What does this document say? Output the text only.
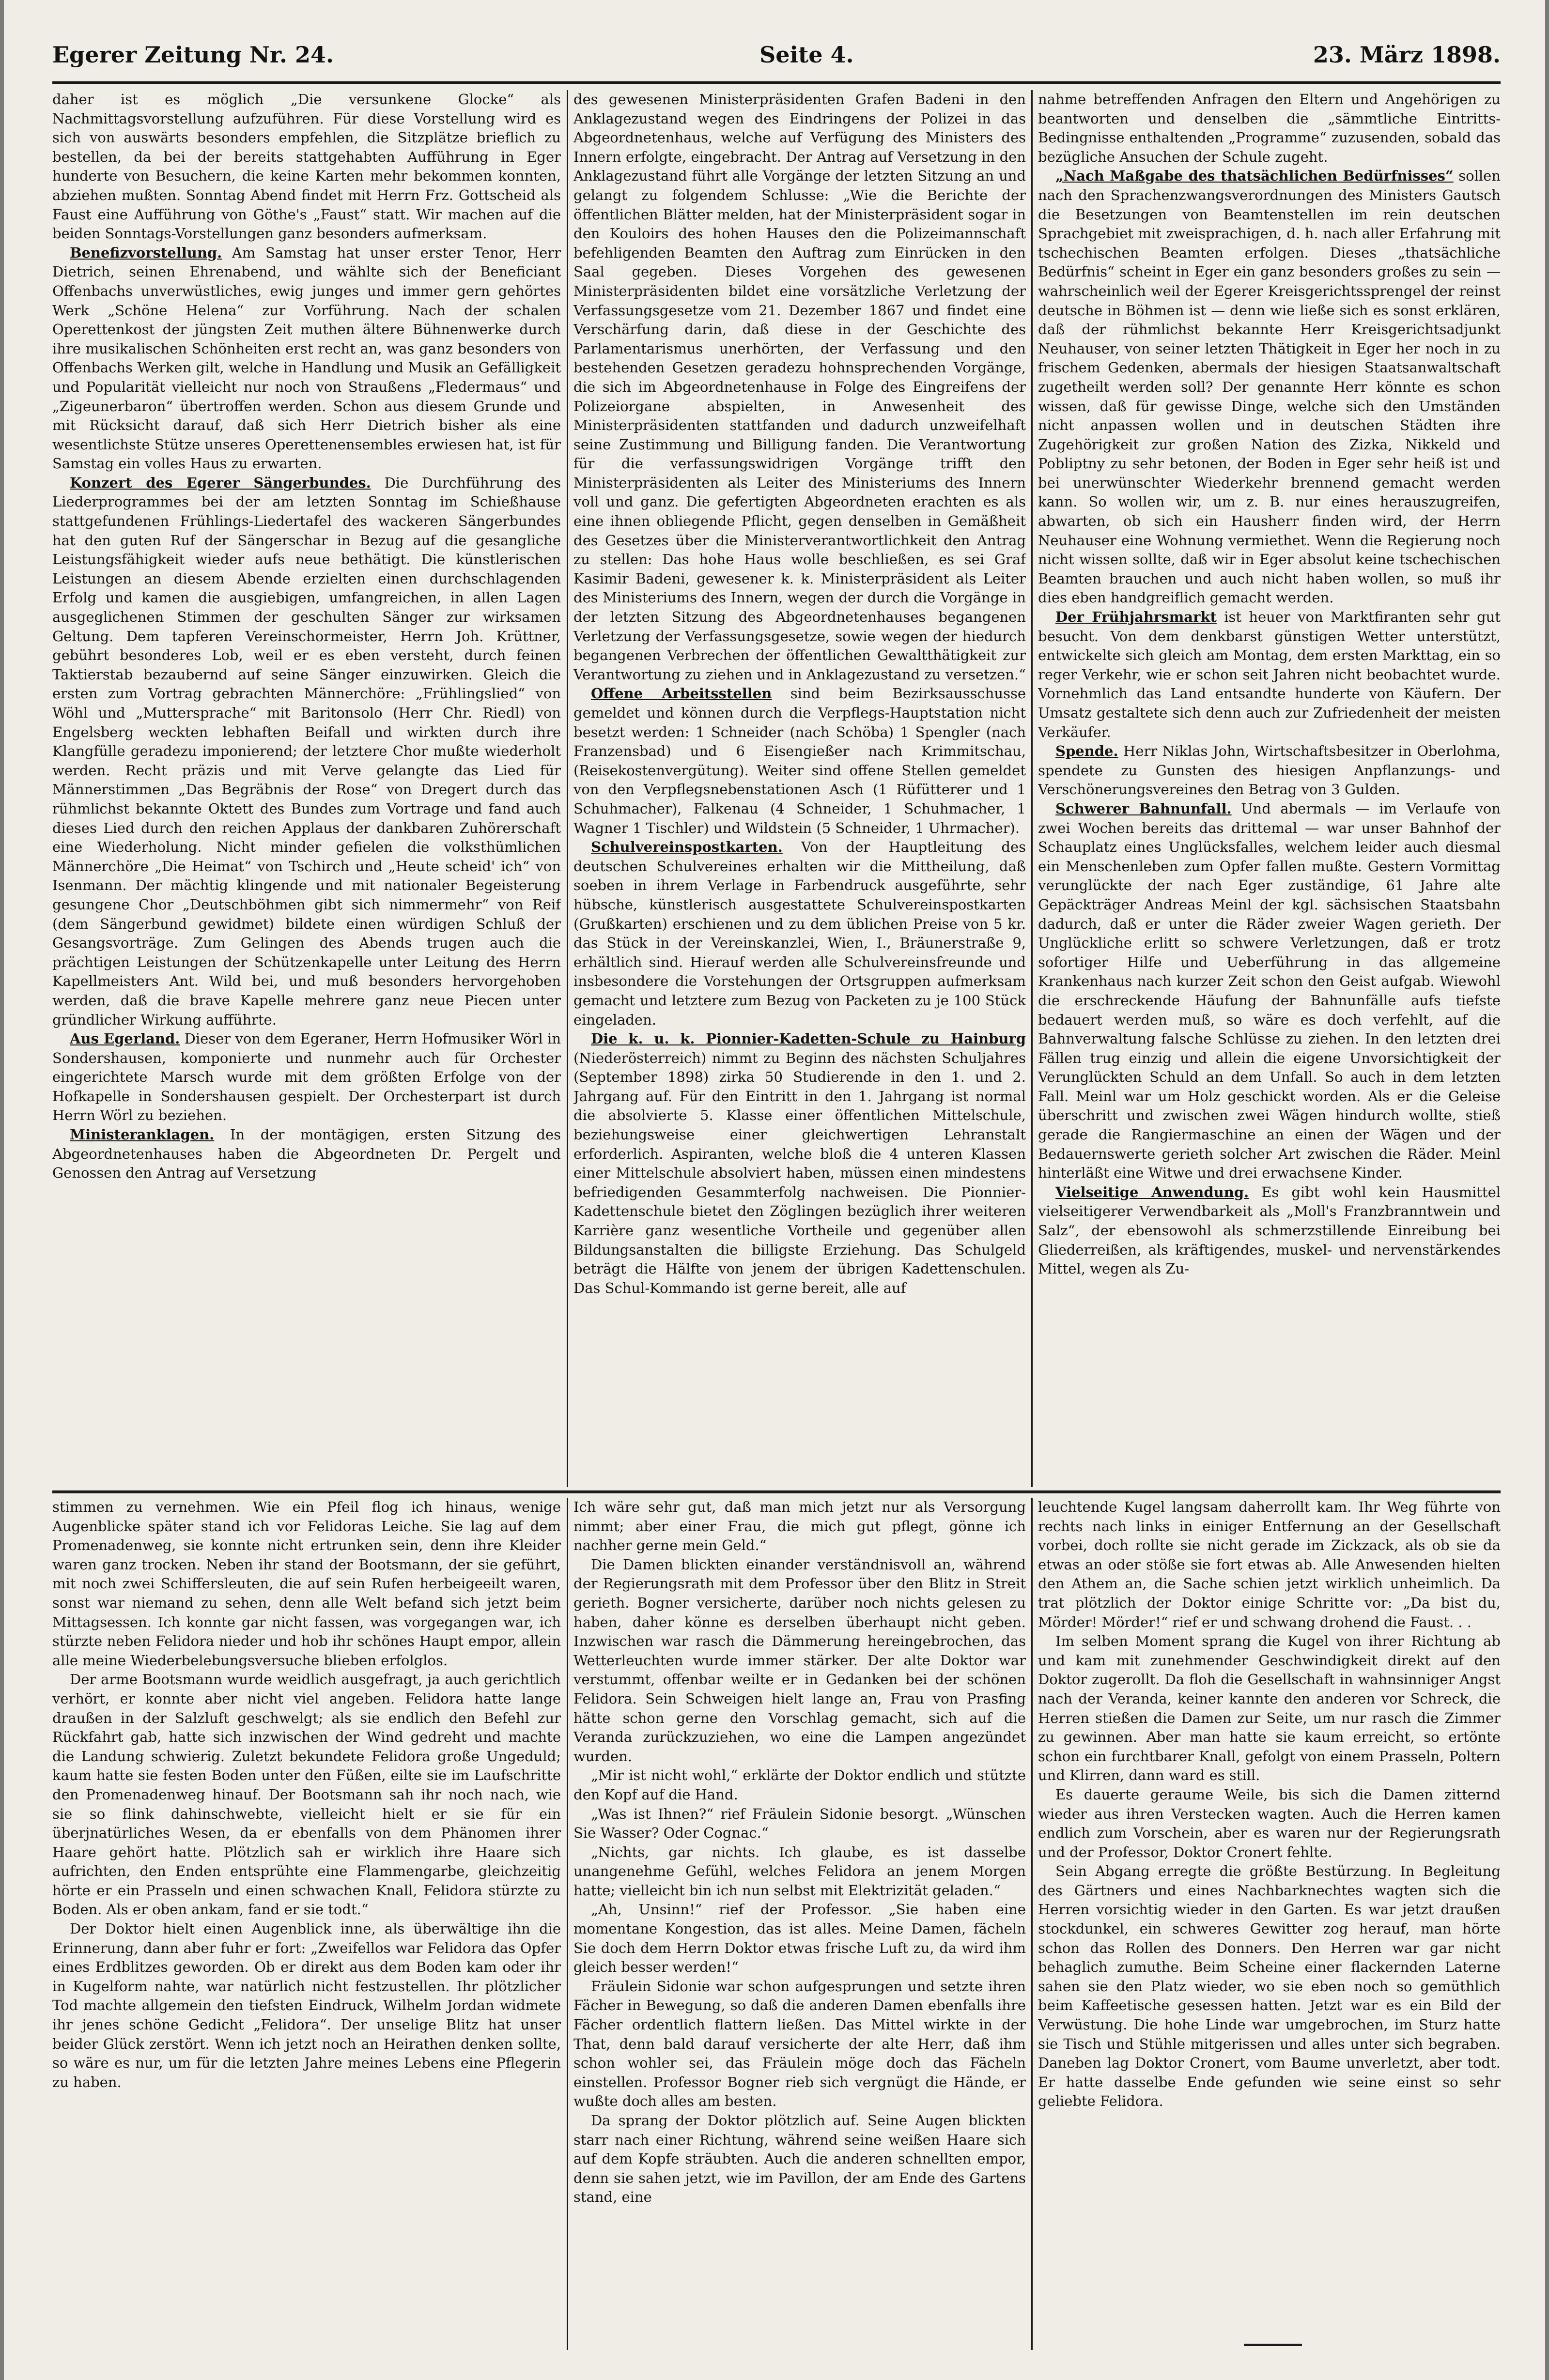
Egerer Zeitung Nr. 24.	Seite 4.	23. März 1898.

daher ist es möglich „Die versunkene Glocke“ als Nachmittagsvorstellung aufzuführen. Für diese Vorstellung wird es sich von auswärts besonders empfehlen, die Sitzplätze brieflich zu bestellen, da bei der bereits stattgehabten Aufführung in Eger hunderte von Besuchern, die keine Karten mehr bekommen konnten, abziehen mußten. Sonntag Abend findet mit Herrn Frz. Gottscheid als Faust eine Aufführung von Göthe's „Faust“ statt. Wir machen auf die beiden Sonntags-Vorstellungen ganz besonders aufmerksam.

Benefizvorstellung. Am Samstag hat unser erster Tenor, Herr Dietrich, seinen Ehrenabend, und wählte sich der Beneficiant Offenbachs unverwüstliches, ewig junges und immer gern gehörtes Werk „Schöne Helena“ zur Vorführung. Nach der schalen Operettenkost der jüngsten Zeit muthen ältere Bühnenwerke durch ihre musikalischen Schönheiten erst recht an, was ganz besonders von Offenbachs Werken gilt, welche in Handlung und Musik an Gefälligkeit und Popularität vielleicht nur noch von Straußens „Fledermaus“ und „Zigeunerbaron“ übertroffen werden. Schon aus diesem Grunde und mit Rücksicht darauf, daß sich Herr Dietrich bisher als eine wesentlichste Stütze unseres Operettenensembles erwiesen hat, ist für Samstag ein volles Haus zu erwarten.

Konzert des Egerer Sängerbundes. Die Durchführung des Liederprogrammes bei der am letzten Sonntag im Schießhause stattgefundenen Frühlings-Liedertafel des wackeren Sängerbundes hat den guten Ruf der Sängerschar in Bezug auf die gesangliche Leistungsfähigkeit wieder aufs neue bethätigt. Die künstlerischen Leistungen an diesem Abende erzielten einen durchschlagenden Erfolg und kamen die ausgiebigen, umfangreichen, in allen Lagen ausgeglichenen Stimmen der geschulten Sänger zur wirksamen Geltung. Dem tapferen Vereinschormeister, Herrn Joh. Krüttner, gebührt besonderes Lob, weil er es eben versteht, durch feinen Taktierstab bezaubernd auf seine Sänger einzuwirken. Gleich die ersten zum Vortrag gebrachten Männerchöre: „Frühlingslied“ von Wöhl und „Muttersprache“ mit Baritonsolo (Herr Chr. Riedl) von Engelsberg weckten lebhaften Beifall und wirkten durch ihre Klangfülle geradezu imponierend; der letztere Chor mußte wiederholt werden. Recht präzis und mit Verve gelangte das Lied für Männerstimmen „Das Begräbnis der Rose“ von Dregert durch das rühmlichst bekannte Oktett des Bundes zum Vortrage und fand auch dieses Lied durch den reichen Applaus der dankbaren Zuhörerschaft eine Wiederholung. Nicht minder gefielen die volksthümlichen Männerchöre „Die Heimat“ von Tschirch und „Heute scheid' ich“ von Isenmann. Der mächtig klingende und mit nationaler Begeisterung gesungene Chor „Deutschböhmen gibt sich nimmermehr“ von Reif (dem Sängerbund gewidmet) bildete einen würdigen Schluß der Gesangsvorträge. Zum Gelingen des Abends trugen auch die prächtigen Leistungen der Schützenkapelle unter Leitung des Herrn Kapellmeisters Ant. Wild bei, und muß besonders hervorgehoben werden, daß die brave Kapelle mehrere ganz neue Piecen unter gründlicher Wirkung aufführte.

Aus Egerland. Dieser von dem Egeraner, Herrn Hofmusiker Wörl in Sondershausen, komponierte und nunmehr auch für Orchester eingerichtete Marsch wurde mit dem größten Erfolge von der Hofkapelle in Sondershausen gespielt. Der Orchesterpart ist durch Herrn Wörl zu beziehen.

Ministeranklagen. In der montägigen, ersten Sitzung des Abgeordnetenhauses haben die Abgeordneten Dr. Pergelt und Genossen den Antrag auf Versetzung

des gewesenen Ministerpräsidenten Grafen Badeni in den Anklagezustand wegen des Eindringens der Polizei in das Abgeordnetenhaus, welche auf Verfügung des Ministers des Innern erfolgte, eingebracht. Der Antrag auf Versetzung in den Anklagezustand führt alle Vorgänge der letzten Sitzung an und gelangt zu folgendem Schlusse: „Wie die Berichte der öffentlichen Blätter melden, hat der Ministerpräsident sogar in den Kouloirs des hohen Hauses den die Polizeimannschaft befehligenden Beamten den Auftrag zum Einrücken in den Saal gegeben. Dieses Vorgehen des gewesenen Ministerpräsidenten bildet eine vorsätzliche Verletzung der Verfassungsgesetze vom 21. Dezember 1867 und findet eine Verschärfung darin, daß diese in der Geschichte des Parlamentarismus unerhörten, der Verfassung und den bestehenden Gesetzen geradezu hohnsprechenden Vorgänge, die sich im Abgeordnetenhause in Folge des Eingreifens der Polizeiorgane abspielten, in Anwesenheit des Ministerpräsidenten stattfanden und dadurch unzweifelhaft seine Zustimmung und Billigung fanden. Die Verantwortung für die verfassungswidrigen Vorgänge trifft den Ministerpräsidenten als Leiter des Ministeriums des Innern voll und ganz. Die gefertigten Abgeordneten erachten es als eine ihnen obliegende Pflicht, gegen denselben in Gemäßheit des Gesetzes über die Ministerverantwortlichkeit den Antrag zu stellen: Das hohe Haus wolle beschließen, es sei Graf Kasimir Badeni, gewesener k. k. Ministerpräsident als Leiter des Ministeriums des Innern, wegen der durch die Vorgänge in der letzten Sitzung des Abgeordnetenhauses begangenen Verletzung der Verfassungsgesetze, sowie wegen der hiedurch begangenen Verbrechen der öffentlichen Gewaltthätigkeit zur Verantwortung zu ziehen und in Anklagezustand zu versetzen.“

Offene Arbeitsstellen sind beim Bezirksausschusse gemeldet und können durch die Verpflegs-Hauptstation nicht besetzt werden: 1 Schneider (nach Schöba) 1 Spengler (nach Franzensbad) und 6 Eisengießer nach Krimmitschau, (Reisekostenvergütung). Weiter sind offene Stellen gemeldet von den Verpflegsnebenstationen Asch (1 Rüfütterer und 1 Schuhmacher), Falkenau (4 Schneider, 1 Schuhmacher, 1 Wagner 1 Tischler) und Wildstein (5 Schneider, 1 Uhrmacher).

Schulvereinspostkarten. Von der Hauptleitung des deutschen Schulvereines erhalten wir die Mittheilung, daß soeben in ihrem Verlage in Farbendruck ausgeführte, sehr hübsche, künstlerisch ausgestattete Schulvereinspostkarten (Grußkarten) erschienen und zu dem üblichen Preise von 5 kr. das Stück in der Vereinskanzlei, Wien, I., Bräunerstraße 9, erhältlich sind. Hierauf werden alle Schulvereinsfreunde und insbesondere die Vorstehungen der Ortsgruppen aufmerksam gemacht und letztere zum Bezug von Packeten zu je 100 Stück eingeladen.

Die k. u. k. Pionnier-Kadetten-Schule zu Hainburg (Niederösterreich) nimmt zu Beginn des nächsten Schuljahres (September 1898) zirka 50 Studierende in den 1. und 2. Jahrgang auf. Für den Eintritt in den 1. Jahrgang ist normal die absolvierte 5. Klasse einer öffentlichen Mittelschule, beziehungsweise einer gleichwertigen Lehranstalt erforderlich. Aspiranten, welche bloß die 4 unteren Klassen einer Mittelschule absolviert haben, müssen einen mindestens befriedigenden Gesammterfolg nachweisen. Die Pionnier-Kadettenschule bietet den Zöglingen bezüglich ihrer weiteren Karrière ganz wesentliche Vortheile und gegenüber allen Bildungsanstalten die billigste Erziehung. Das Schulgeld beträgt die Hälfte von jenem der übrigen Kadettenschulen. Das Schul-Kommando ist gerne bereit, alle auf

nahme betreffenden Anfragen den Eltern und Angehörigen zu beantworten und denselben die „sämmtliche Eintritts-Bedingnisse enthaltenden „Programme“ zuzusenden, sobald das bezügliche Ansuchen der Schule zugeht.

„Nach Maßgabe des thatsächlichen Bedürfnisses“ sollen nach den Sprachenzwangsverordnungen des Ministers Gautsch die Besetzungen von Beamtenstellen im rein deutschen Sprachgebiet mit zweisprachigen, d. h. nach aller Erfahrung mit tschechischen Beamten erfolgen. Dieses „thatsächliche Bedürfnis“ scheint in Eger ein ganz besonders großes zu sein — wahrscheinlich weil der Egerer Kreisgerichtssprengel der reinst deutsche in Böhmen ist — denn wie ließe sich es sonst erklären, daß der rühmlichst bekannte Herr Kreisgerichtsadjunkt Neuhauser, von seiner letzten Thätigkeit in Eger her noch in zu frischem Gedenken, abermals der hiesigen Staatsanwaltschaft zugetheilt werden soll? Der genannte Herr könnte es schon wissen, daß für gewisse Dinge, welche sich den Umständen nicht anpassen wollen und in deutschen Städten ihre Zugehörigkeit zur großen Nation des Zizka, Nikkeld und Pobliptny zu sehr betonen, der Boden in Eger sehr heiß ist und bei unerwünschter Wiederkehr brennend gemacht werden kann. So wollen wir, um z. B. nur eines herauszugreifen, abwarten, ob sich ein Hausherr finden wird, der Herrn Neuhauser eine Wohnung vermiethet. Wenn die Regierung noch nicht wissen sollte, daß wir in Eger absolut keine tschechischen Beamten brauchen und auch nicht haben wollen, so muß ihr dies eben handgreiflich gemacht werden.

Der Frühjahrsmarkt ist heuer von Marktfiranten sehr gut besucht. Von dem denkbarst günstigen Wetter unterstützt, entwickelte sich gleich am Montag, dem ersten Markttag, ein so reger Verkehr, wie er schon seit Jahren nicht beobachtet wurde. Vornehmlich das Land entsandte hunderte von Käufern. Der Umsatz gestaltete sich denn auch zur Zufriedenheit der meisten Verkäufer.

Spende. Herr Niklas John, Wirtschaftsbesitzer in Oberlohma, spendete zu Gunsten des hiesigen Anpflanzungs- und Verschönerungsvereines den Betrag von 3 Gulden.

Schwerer Bahnunfall. Und abermals — im Verlaufe von zwei Wochen bereits das drittemal — war unser Bahnhof der Schauplatz eines Unglücksfalles, welchem leider auch diesmal ein Menschenleben zum Opfer fallen mußte. Gestern Vormittag verunglückte der nach Eger zuständige, 61 Jahre alte Gepäckträger Andreas Meinl der kgl. sächsischen Staatsbahn dadurch, daß er unter die Räder zweier Wagen gerieth. Der Unglückliche erlitt so schwere Verletzungen, daß er trotz sofortiger Hilfe und Ueberführung in das allgemeine Krankenhaus nach kurzer Zeit schon den Geist aufgab. Wiewohl die erschreckende Häufung der Bahnunfälle aufs tiefste bedauert werden muß, so wäre es doch verfehlt, auf die Bahnverwaltung falsche Schlüsse zu ziehen. In den letzten drei Fällen trug einzig und allein die eigene Unvorsichtigkeit der Verunglückten Schuld an dem Unfall. So auch in dem letzten Fall. Meinl war um Holz geschickt worden. Als er die Geleise überschritt und zwischen zwei Wägen hindurch wollte, stieß gerade die Rangiermaschine an einen der Wägen und der Bedauernswerte gerieth solcher Art zwischen die Räder. Meinl hinterläßt eine Witwe und drei erwachsene Kinder.

Vielseitige Anwendung. Es gibt wohl kein Hausmittel vielseitigerer Verwendbarkeit als „Moll's Franzbranntwein und Salz“, der ebensowohl als schmerzstillende Einreibung bei Gliederreißen, als kräftigendes, muskel- und nervenstärkendes Mittel, wegen als Zu-

stimmen zu vernehmen. Wie ein Pfeil flog ich hinaus, wenige Augenblicke später stand ich vor Felidoras Leiche. Sie lag auf dem Promenadenweg, sie konnte nicht ertrunken sein, denn ihre Kleider waren ganz trocken. Neben ihr stand der Bootsmann, der sie geführt, mit noch zwei Schiffersleuten, die auf sein Rufen herbeigeeilt waren, sonst war niemand zu sehen, denn alle Welt befand sich jetzt beim Mittagsessen. Ich konnte gar nicht fassen, was vorgegangen war, ich stürzte neben Felidora nieder und hob ihr schönes Haupt empor, allein alle meine Wiederbelebungsversuche blieben erfolglos.

Der arme Bootsmann wurde weidlich ausgefragt, ja auch gerichtlich verhört, er konnte aber nicht viel angeben. Felidora hatte lange draußen in der Salzluft geschwelgt; als sie endlich den Befehl zur Rückfahrt gab, hatte sich inzwischen der Wind gedreht und machte die Landung schwierig. Zuletzt bekundete Felidora große Ungeduld; kaum hatte sie festen Boden unter den Füßen, eilte sie im Laufschritte den Promenadenweg hinauf. Der Bootsmann sah ihr noch nach, wie sie so flink dahinschwebte, vielleicht hielt er sie für ein überjnatürliches Wesen, da er ebenfalls von dem Phänomen ihrer Haare gehört hatte. Plötzlich sah er wirklich ihre Haare sich aufrichten, den Enden entsprühte eine Flammengarbe, gleichzeitig hörte er ein Prasseln und einen schwachen Knall, Felidora stürzte zu Boden. Als er oben ankam, fand er sie todt.“

Der Doktor hielt einen Augenblick inne, als überwältige ihn die Erinnerung, dann aber fuhr er fort: „Zweifellos war Felidora das Opfer eines Erdblitzes geworden. Ob er direkt aus dem Boden kam oder ihr in Kugelform nahte, war natürlich nicht festzustellen. Ihr plötzlicher Tod machte allgemein den tiefsten Eindruck, Wilhelm Jordan widmete ihr jenes schöne Gedicht „Felidora“. Der unselige Blitz hat unser beider Glück zerstört. Wenn ich jetzt noch an Heirathen denken sollte, so wäre es nur, um für die letzten Jahre meines Lebens eine Pflegerin zu haben.

Ich wäre sehr gut, daß man mich jetzt nur als Versorgung nimmt; aber einer Frau, die mich gut pflegt, gönne ich nachher gerne mein Geld.“

Die Damen blickten einander verständnisvoll an, während der Regierungsrath mit dem Professor über den Blitz in Streit gerieth. Bogner versicherte, darüber noch nichts gelesen zu haben, daher könne es derselben überhaupt nicht geben. Inzwischen war rasch die Dämmerung hereingebrochen, das Wetterleuchten wurde immer stärker. Der alte Doktor war verstummt, offenbar weilte er in Gedanken bei der schönen Felidora. Sein Schweigen hielt lange an, Frau von Prasfing hätte schon gerne den Vorschlag gemacht, sich auf die Veranda zurückzuziehen, wo eine die Lampen angezündet wurden.

„Mir ist nicht wohl,“ erklärte der Doktor endlich und stützte den Kopf auf die Hand.

„Was ist Ihnen?“ rief Fräulein Sidonie besorgt. „Wünschen Sie Wasser? Oder Cognac.“

„Nichts, gar nichts. Ich glaube, es ist dasselbe unangenehme Gefühl, welches Felidora an jenem Morgen hatte; vielleicht bin ich nun selbst mit Elektrizität geladen.“

„Ah, Unsinn!“ rief der Professor. „Sie haben eine momentane Kongestion, das ist alles. Meine Damen, fächeln Sie doch dem Herrn Doktor etwas frische Luft zu, da wird ihm gleich besser werden!“

Fräulein Sidonie war schon aufgesprungen und setzte ihren Fächer in Bewegung, so daß die anderen Damen ebenfalls ihre Fächer ordentlich flattern ließen. Das Mittel wirkte in der That, denn bald darauf versicherte der alte Herr, daß ihm schon wohler sei, das Fräulein möge doch das Fächeln einstellen. Professor Bogner rieb sich vergnügt die Hände, er wußte doch alles am besten.

Da sprang der Doktor plötzlich auf. Seine Augen blickten starr nach einer Richtung, während seine weißen Haare sich auf dem Kopfe sträubten. Auch die anderen schnellten empor, denn sie sahen jetzt, wie im Pavillon, der am Ende des Gartens stand, eine

leuchtende Kugel langsam daherrollt kam. Ihr Weg führte von rechts nach links in einiger Entfernung an der Gesellschaft vorbei, doch rollte sie nicht gerade im Zickzack, als ob sie da etwas an oder stöße sie fort etwas ab. Alle Anwesenden hielten den Athem an, die Sache schien jetzt wirklich unheimlich. Da trat plötzlich der Doktor einige Schritte vor: „Da bist du, Mörder! Mörder!“ rief er und schwang drohend die Faust. . .

Im selben Moment sprang die Kugel von ihrer Richtung ab und kam mit zunehmender Geschwindigkeit direkt auf den Doktor zugerollt. Da floh die Gesellschaft in wahnsinniger Angst nach der Veranda, keiner kannte den anderen vor Schreck, die Herren stießen die Damen zur Seite, um nur rasch die Zimmer zu gewinnen. Aber man hatte sie kaum erreicht, so ertönte schon ein furchtbarer Knall, gefolgt von einem Prasseln, Poltern und Klirren, dann ward es still.

Es dauerte geraume Weile, bis sich die Damen zitternd wieder aus ihren Verstecken wagten. Auch die Herren kamen endlich zum Vorschein, aber es waren nur der Regierungsrath und der Professor, Doktor Cronert fehlte.

Sein Abgang erregte die größte Bestürzung. In Begleitung des Gärtners und eines Nachbarknechtes wagten sich die Herren vorsichtig wieder in den Garten. Es war jetzt draußen stockdunkel, ein schweres Gewitter zog herauf, man hörte schon das Rollen des Donners. Den Herren war gar nicht behaglich zumuthe. Beim Scheine einer flackernden Laterne sahen sie den Platz wieder, wo sie eben noch so gemüthlich beim Kaffeetische gesessen hatten. Jetzt war es ein Bild der Verwüstung. Die hohe Linde war umgebrochen, im Sturz hatte sie Tisch und Stühle mitgerissen und alles unter sich begraben. Daneben lag Doktor Cronert, vom Baume unverletzt, aber todt. Er hatte dasselbe Ende gefunden wie seine einst so sehr geliebte Felidora.
